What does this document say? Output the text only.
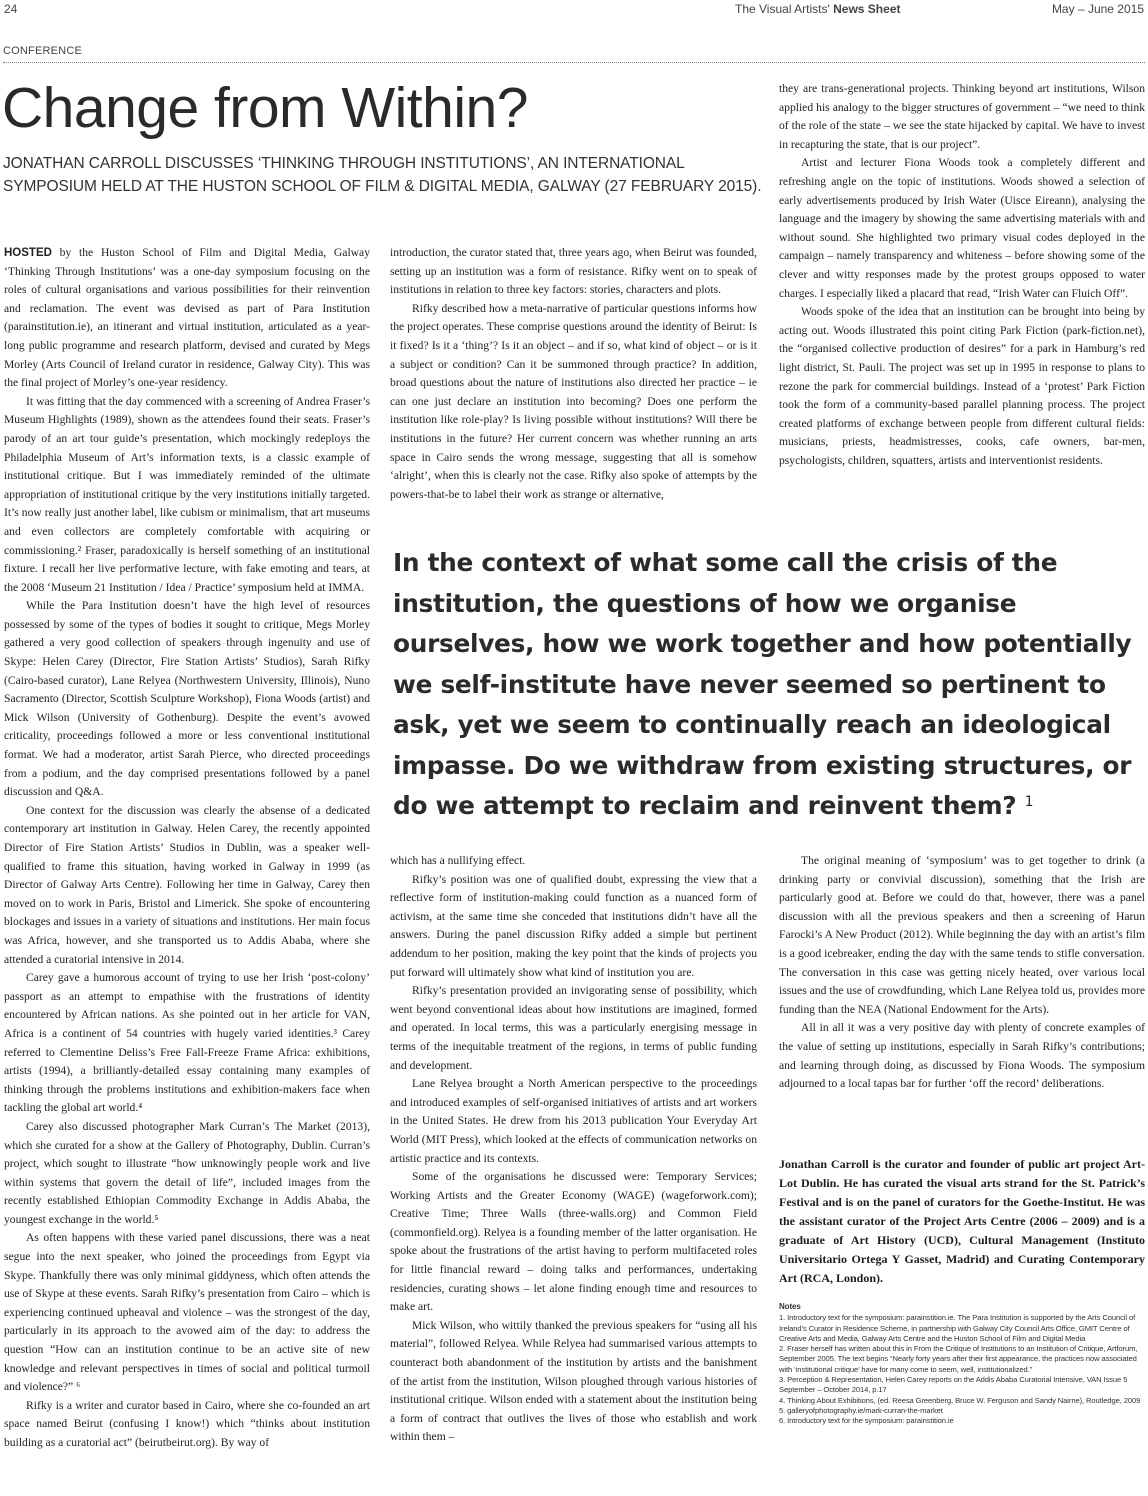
24	The Visual Artists' News Sheet	May – June 2015
CONFERENCE
Change from Within?
JONATHAN CARROLL DISCUSSES ‘THINKING THROUGH INSTITUTIONS’, AN INTERNATIONAL SYMPOSIUM HELD AT THE HUSTON SCHOOL OF FILM & DIGITAL MEDIA, GALWAY (27 FEBRUARY 2015).

HOSTED by the Huston School of Film and Digital Media, Galway ‘Thinking Through Institutions’ was a one-day symposium focusing on the roles of cultural organisations and various possibilities for their reinvention and reclamation. The event was devised as part of Para Institution (parainstitution.ie), an itinerant and virtual institution, articulated as a year-long public programme and research platform, devised and curated by Megs Morley (Arts Council of Ireland curator in residence, Galway City). This was the final project of Morley’s one-year residency.

It was fitting that the day commenced with a screening of Andrea Fraser’s Museum Highlights (1989), shown as the attendees found their seats. Fraser’s parody of an art tour guide’s presentation, which mockingly redeploys the Philadelphia Museum of Art’s information texts, is a classic example of institutional critique. But I was immediately reminded of the ultimate appropriation of institutional critique by the very institutions initially targeted. It’s now really just another label, like cubism or minimalism, that art museums and even collectors are completely comfortable with acquiring or commissioning.² Fraser, paradoxically is herself something of an institutional fixture. I recall her live performative lecture, with fake emoting and tears, at the 2008 ‘Museum 21 Institution / Idea / Practice’ symposium held at IMMA.

While the Para Institution doesn’t have the high level of resources possessed by some of the types of bodies it sought to critique, Megs Morley gathered a very good collection of speakers through ingenuity and use of Skype: Helen Carey (Director, Fire Station Artists’ Studios), Sarah Rifky (Cairo-based curator), Lane Relyea (Northwestern University, Illinois), Nuno Sacramento (Director, Scottish Sculpture Workshop), Fiona Woods (artist) and Mick Wilson (University of Gothenburg). Despite the event’s avowed criticality, proceedings followed a more or less conventional institutional format. We had a moderator, artist Sarah Pierce, who directed proceedings from a podium, and the day comprised presentations followed by a panel discussion and Q&A.

One context for the discussion was clearly the absense of a dedicated contemporary art institution in Galway. Helen Carey, the recently appointed Director of Fire Station Artists’ Studios in Dublin, was a speaker well-qualified to frame this situation, having worked in Galway in 1999 (as Director of Galway Arts Centre). Following her time in Galway, Carey then moved on to work in Paris, Bristol and Limerick. She spoke of encountering blockages and issues in a variety of situations and institutions. Her main focus was Africa, however, and she transported us to Addis Ababa, where she attended a curatorial intensive in 2014.

Carey gave a humorous account of trying to use her Irish ‘post-colony’ passport as an attempt to empathise with the frustrations of identity encountered by African nations. As she pointed out in her article for VAN, Africa is a continent of 54 countries with hugely varied identities.³ Carey referred to Clementine Deliss’s Free Fall-Freeze Frame Africa: exhibitions, artists (1994), a brilliantly-detailed essay containing many examples of thinking through the problems institutions and exhibition-makers face when tackling the global art world.⁴

Carey also discussed photographer Mark Curran’s The Market (2013), which she curated for a show at the Gallery of Photography, Dublin. Curran’s project, which sought to illustrate “how unknowingly people work and live within systems that govern the detail of life”, included images from the recently established Ethiopian Commodity Exchange in Addis Ababa, the youngest exchange in the world.⁵

As often happens with these varied panel discussions, there was a neat segue into the next speaker, who joined the proceedings from Egypt via Skype. Thankfully there was only minimal giddyness, which often attends the use of Skype at these events. Sarah Rifky’s presentation from Cairo – which is experiencing continued upheaval and violence – was the strongest of the day, particularly in its approach to the avowed aim of the day: to address the question “How can an institution continue to be an active site of new knowledge and relevant perspectives in times of social and political turmoil and violence?” ⁶

Rifky is a writer and curator based in Cairo, where she co-founded an art space named Beirut (confusing I know!) which “thinks about institution building as a curatorial act” (beirutbeirut.org). By way of

introduction, the curator stated that, three years ago, when Beirut was founded, setting up an institution was a form of resistance. Rifky went on to speak of institutions in relation to three key factors: stories, characters and plots.

Rifky described how a meta-narrative of particular questions informs how the project operates. These comprise questions around the identity of Beirut: Is it fixed? Is it a ‘thing’? Is it an object – and if so, what kind of object – or is it a subject or condition? Can it be summoned through practice? In addition, broad questions about the nature of institutions also directed her practice – ie can one just declare an institution into becoming? Does one perform the institution like role-play? Is living possible without institutions? Will there be institutions in the future? Her current concern was whether running an arts space in Cairo sends the wrong message, suggesting that all is somehow ‘alright’, when this is clearly not the case. Rifky also spoke of attempts by the powers-that-be to label their work as strange or alternative,

they are trans-generational projects. Thinking beyond art institutions, Wilson applied his analogy to the bigger structures of government – “we need to think of the role of the state – we see the state hijacked by capital. We have to invest in recapturing the state, that is our project”.

Artist and lecturer Fiona Woods took a completely different and refreshing angle on the topic of institutions. Woods showed a selection of early advertisements produced by Irish Water (Uisce Eireann), analysing the language and the imagery by showing the same advertising materials with and without sound. She highlighted two primary visual codes deployed in the campaign – namely transparency and whiteness – before showing some of the clever and witty responses made by the protest groups opposed to water charges. I especially liked a placard that read, “Irish Water can Fluich Off”.

Woods spoke of the idea that an institution can be brought into being by acting out. Woods illustrated this point citing Park Fiction (park-fiction.net), the “organised collective production of desires” for a park in Hamburg’s red light district, St. Pauli. The project was set up in 1995 in response to plans to rezone the park for commercial buildings. Instead of a ‘protest’ Park Fiction took the form of a community-based parallel planning process. The project created platforms of exchange between people from different cultural fields: musicians, priests, headmistresses, cooks, cafe owners, bar-men, psychologists, children, squatters, artists and interventionist residents.

In the context of what some call the crisis of the institution, the questions of how we organise ourselves, how we work together and how potentially we self-institute have never seemed so pertinent to ask, yet we seem to continually reach an ideological impasse. Do we withdraw from existing structures, or do we attempt to reclaim and reinvent them? $^1$

which has a nullifying effect.

Rifky’s position was one of qualified doubt, expressing the view that a reflective form of institution-making could function as a nuanced form of activism, at the same time she conceded that institutions didn’t have all the answers. During the panel discussion Rifky added a simple but pertinent addendum to her position, making the key point that the kinds of projects you put forward will ultimately show what kind of institution you are.

Rifky’s presentation provided an invigorating sense of possibility, which went beyond conventional ideas about how institutions are imagined, formed and operated. In local terms, this was a particularly energising message in terms of the inequitable treatment of the regions, in terms of public funding and development.

Lane Relyea brought a North American perspective to the proceedings and introduced examples of self-organised initiatives of artists and art workers in the United States. He drew from his 2013 publication Your Everyday Art World (MIT Press), which looked at the effects of communication networks on artistic practice and its contexts.

Some of the organisations he discussed were: Temporary Services; Working Artists and the Greater Economy (WAGE) (wageforwork.com); Creative Time; Three Walls (three-walls.org) and Common Field (commonfield.org). Relyea is a founding member of the latter organisation. He spoke about the frustrations of the artist having to perform multifaceted roles for little financial reward – doing talks and performances, undertaking residencies, curating shows – let alone finding enough time and resources to make art.

Mick Wilson, who wittily thanked the previous speakers for “using all his material”, followed Relyea. While Relyea had summarised various attempts to counteract both abandonment of the institution by artists and the banishment of the artist from the institution, Wilson ploughed through various histories of institutional critique. Wilson ended with a statement about the institution being a form of contract that outlives the lives of those who establish and work within them –

The original meaning of ‘symposium’ was to get together to drink (a drinking party or convivial discussion), something that the Irish are particularly good at. Before we could do that, however, there was a panel discussion with all the previous speakers and then a screening of Harun Farocki’s A New Product (2012). While beginning the day with an artist’s film is a good icebreaker, ending the day with the same tends to stifle conversation. The conversation in this case was getting nicely heated, over various local issues and the use of crowdfunding, which Lane Relyea told us, provides more funding than the NEA (National Endowment for the Arts).

All in all it was a very positive day with plenty of concrete examples of the value of setting up institutions, especially in Sarah Rifky’s contributions; and learning through doing, as discussed by Fiona Woods. The symposium adjourned to a local tapas bar for further ‘off the record’ deliberations.

Jonathan Carroll is the curator and founder of public art project Art-Lot Dublin. He has curated the visual arts strand for the St. Patrick’s Festival and is on the panel of curators for the Goethe-Institut. He was the assistant curator of the Project Arts Centre (2006 – 2009) and is a graduate of Art History (UCD), Cultural Management (Instituto Universitario Ortega Y Gasset, Madrid) and Curating Contemporary Art (RCA, London).
Notes

1. Introductory text for the symposium: parainstition.ie. The Para Institution is supported by the Arts Council of Ireland’s Curator in Residence Scheme, in partnership with Galway City Council Arts Office, GMIT Centre of Creative Arts and Media, Galway Arts Centre and the Huston School of Film and Digital Media

2. Fraser herself has written about this in From the Critique of Institutions to an Institution of Critique, Artforum, September 2005. The text begins “Nearly forty years after their first appearance, the practices now associated with ‘institutional critique’ have for many come to seem, well, institutionalized.”

3. Perception & Representation, Helen Carey reports on the Addis Ababa Curatorial Intensive, VAN Issue 5 September – October 2014, p.17

4. Thinking About Exhibitions, (ed. Reesa Greenberg, Bruce W. Ferguson and Sandy Nairne), Routledge, 2009

5. galleryofphotography.ie/mark-curran-the-market

6. Introductory text for the symposium: parainstition.ie
